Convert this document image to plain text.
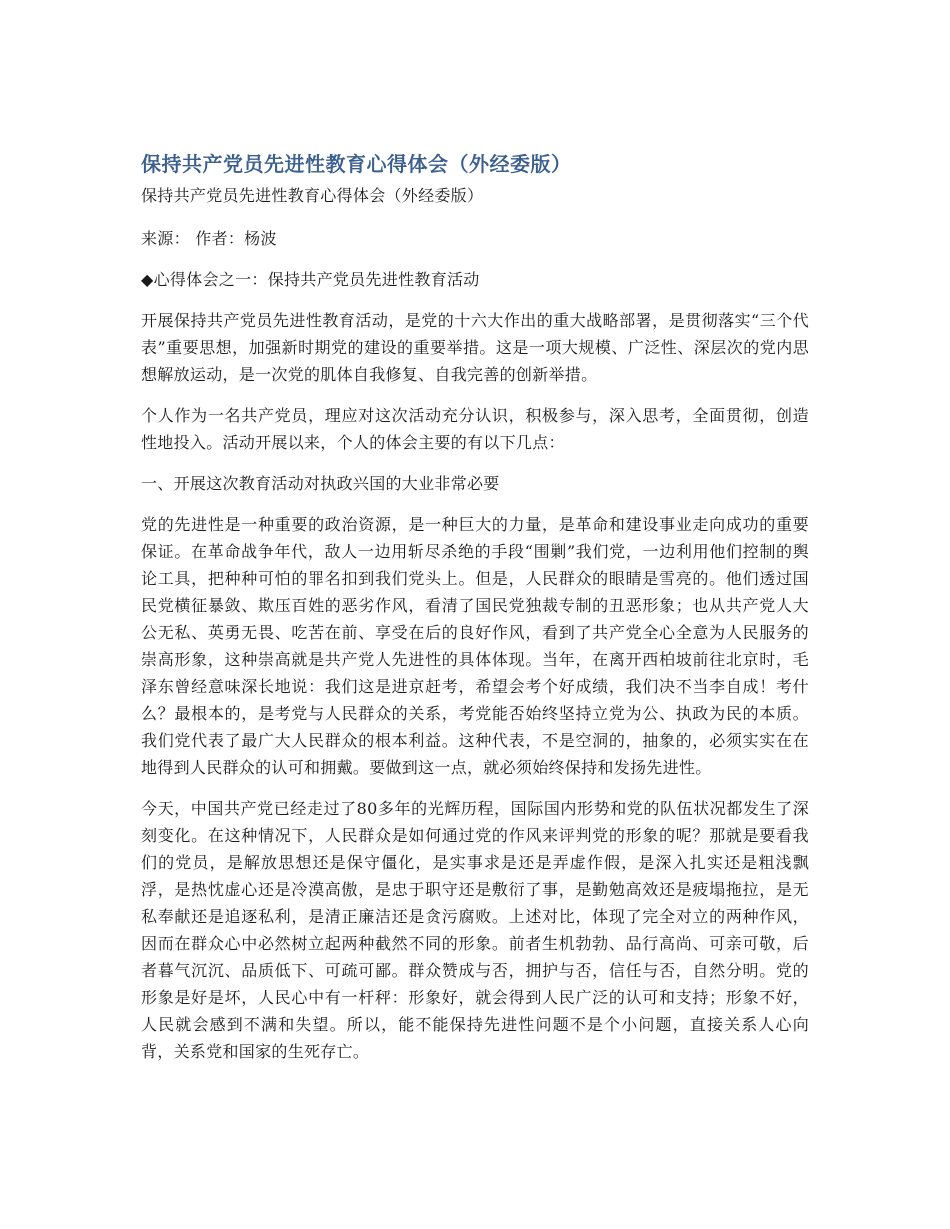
保持共产党员先进性教育心得体会（外经委版）

保持共产党员先进性教育心得体会（外经委版）

来源： 作者：杨波

◆心得体会之一：保持共产党员先进性教育活动

开展保持共产党员先进性教育活动，是党的十六大作出的重大战略部署，是贯彻落实“三个代表”重要思想，加强新时期党的建设的重要举措。这是一项大规模、广泛性、深层次的党内思想解放运动，是一次党的肌体自我修复、自我完善的创新举措。

个人作为一名共产党员，理应对这次活动充分认识，积极参与，深入思考，全面贯彻，创造性地投入。活动开展以来，个人的体会主要的有以下几点：

一、开展这次教育活动对执政兴国的大业非常必要

党的先进性是一种重要的政治资源，是一种巨大的力量，是革命和建设事业走向成功的重要保证。在革命战争年代，敌人一边用斩尽杀绝的手段“围剿”我们党，一边利用他们控制的舆论工具，把种种可怕的罪名扣到我们党头上。但是，人民群众的眼睛是雪亮的。他们透过国民党横征暴敛、欺压百姓的恶劣作风，看清了国民党独裁专制的丑恶形象；也从共产党人大公无私、英勇无畏、吃苦在前、享受在后的良好作风，看到了共产党全心全意为人民服务的崇高形象，这种崇高就是共产党人先进性的具体体现。当年，在离开西柏坡前往北京时，毛泽东曾经意味深长地说：我们这是进京赶考，希望会考个好成绩，我们决不当李自成！考什么？最根本的，是考党与人民群众的关系，考党能否始终坚持立党为公、执政为民的本质。我们党代表了最广大人民群众的根本利益。这种代表，不是空洞的，抽象的，必须实实在在地得到人民群众的认可和拥戴。要做到这一点，就必须始终保持和发扬先进性。

今天，中国共产党已经走过了80多年的光辉历程，国际国内形势和党的队伍状况都发生了深刻变化。在这种情况下，人民群众是如何通过党的作风来评判党的形象的呢？那就是要看我们的党员，是解放思想还是保守僵化，是实事求是还是弄虚作假，是深入扎实还是粗浅飘浮，是热忱虚心还是冷漠高傲，是忠于职守还是敷衍了事，是勤勉高效还是疲塌拖拉，是无私奉献还是追逐私利，是清正廉洁还是贪污腐败。上述对比，体现了完全对立的两种作风，因而在群众心中必然树立起两种截然不同的形象。前者生机勃勃、品行高尚、可亲可敬，后者暮气沉沉、品质低下、可疏可鄙。群众赞成与否，拥护与否，信任与否，自然分明。党的形象是好是坏，人民心中有一杆秤：形象好，就会得到人民广泛的认可和支持；形象不好，人民就会感到不满和失望。所以，能不能保持先进性问题不是个小问题，直接关系人心向背，关系党和国家的生死存亡。
